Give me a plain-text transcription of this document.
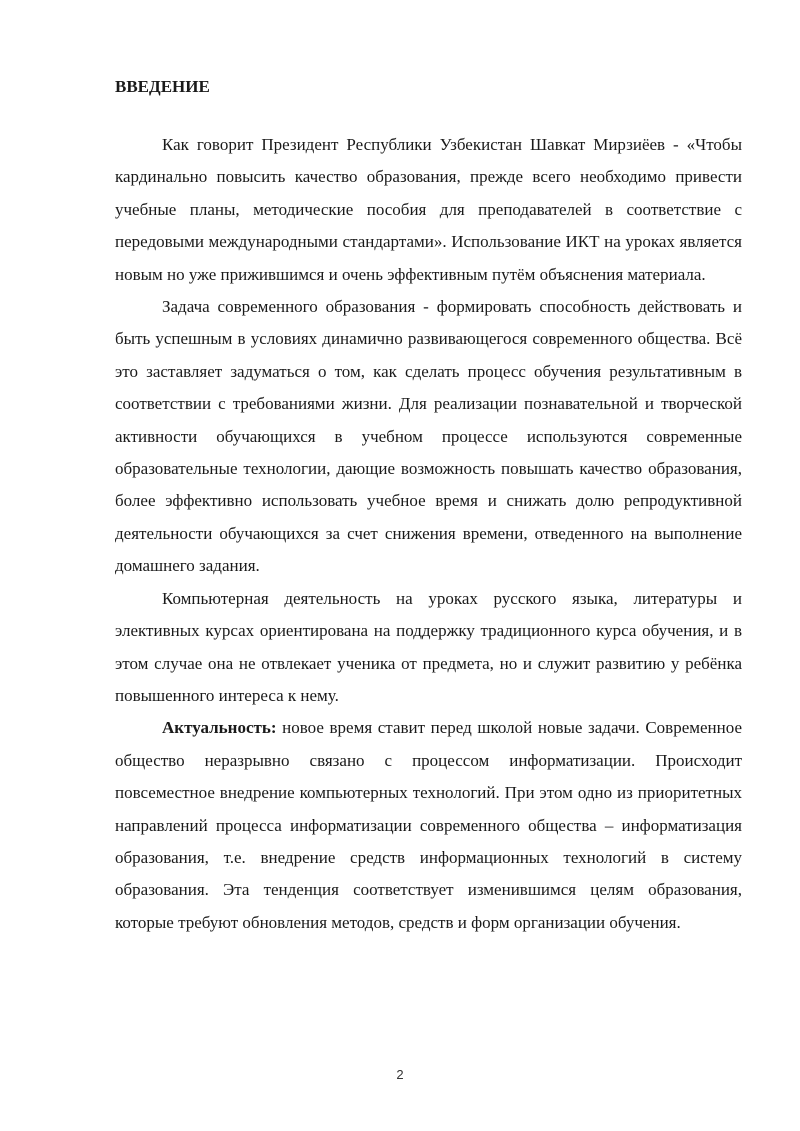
ВВЕДЕНИЕ

Как говорит Президент Республики Узбекистан Шавкат Мирзиёев - «Чтобы кардинально повысить качество образования, прежде всего необходимо привести учебные планы, методические пособия для преподавателей в соответствие с передовыми международными стандартами». Использование ИКТ на уроках является новым но уже прижившимся и очень эффективным путём объяснения материала.

Задача современного образования - формировать способность действовать и быть успешным в условиях динамично развивающегося современного общества. Всё это заставляет задуматься о том, как сделать процесс обучения результативным в соответствии с требованиями жизни. Для реализации познавательной и творческой активности обучающихся в учебном процессе используются современные образовательные технологии, дающие возможность повышать качество образования, более эффективно использовать учебное время и снижать долю репродуктивной деятельности обучающихся за счет снижения времени, отведенного на выполнение домашнего задания.

Компьютерная деятельность на уроках русского языка, литературы и элективных курсах ориентирована на поддержку традиционного курса обучения, и в этом случае она не отвлекает ученика от предмета, но и служит развитию у ребёнка повышенного интереса к нему.

Актуальность: новое время ставит перед школой новые задачи. Современное общество неразрывно связано с процессом информатизации. Происходит повсеместное внедрение компьютерных технологий. При этом одно из приоритетных направлений процесса информатизации современного общества – информатизация образования, т.е. внедрение средств информационных технологий в систему образования. Эта тенденция соответствует изменившимся целям образования, которые требуют обновления методов, средств и форм организации обучения.

2
